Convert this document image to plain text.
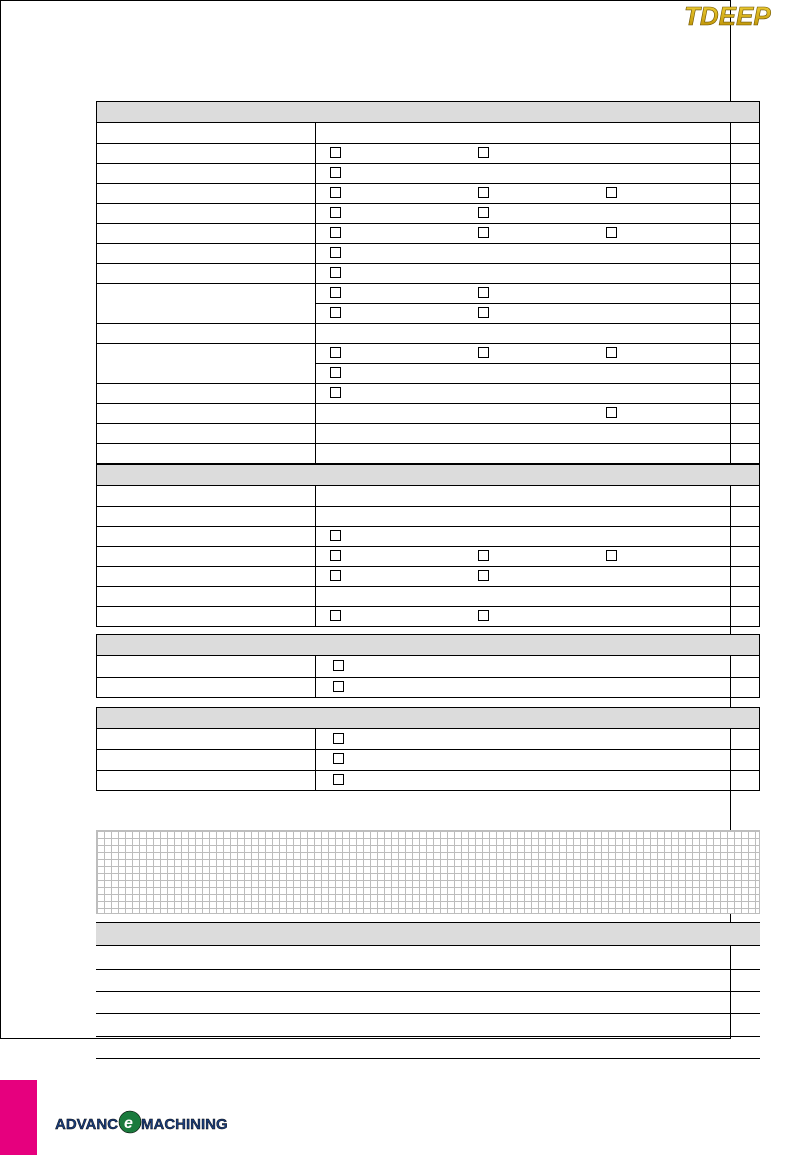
TDEEP
ADVANC e MACHINING
